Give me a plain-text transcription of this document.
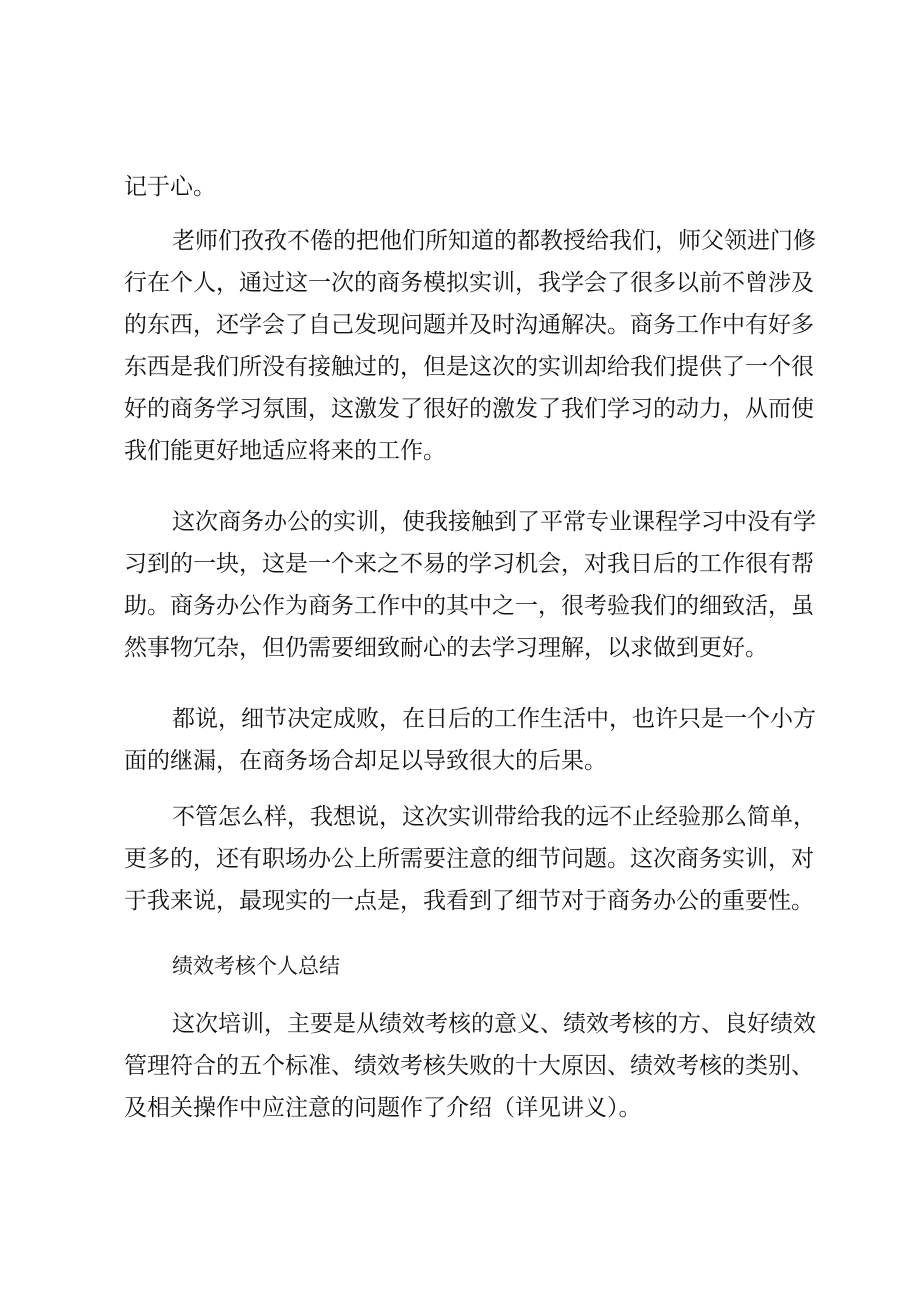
记于心。
老师们孜孜不倦的把他们所知道的都教授给我们，师父领进门修
行在个人，通过这一次的商务模拟实训，我学会了很多以前不曾涉及
的东西，还学会了自己发现问题并及时沟通解决。商务工作中有好多
东西是我们所没有接触过的，但是这次的实训却给我们提供了一个很
好的商务学习氛围，这激发了很好的激发了我们学习的动力，从而使
我们能更好地适应将来的工作。
这次商务办公的实训，使我接触到了平常专业课程学习中没有学
习到的一块，这是一个来之不易的学习机会，对我日后的工作很有帮
助。商务办公作为商务工作中的其中之一，很考验我们的细致活，虽
然事物冗杂，但仍需要细致耐心的去学习理解，以求做到更好。
都说，细节决定成败，在日后的工作生活中，也许只是一个小方
面的继漏，在商务场合却足以导致很大的后果。
不管怎么样，我想说，这次实训带给我的远不止经验那么简单，
更多的，还有职场办公上所需要注意的细节问题。这次商务实训，对
于我来说，最现实的一点是，我看到了细节对于商务办公的重要性。
绩效考核个人总结
这次培训，主要是从绩效考核的意义、绩效考核的方、良好绩效
管理符合的五个标准、绩效考核失败的十大原因、绩效考核的类别、
及相关操作中应注意的问题作了介绍（详见讲义）。
